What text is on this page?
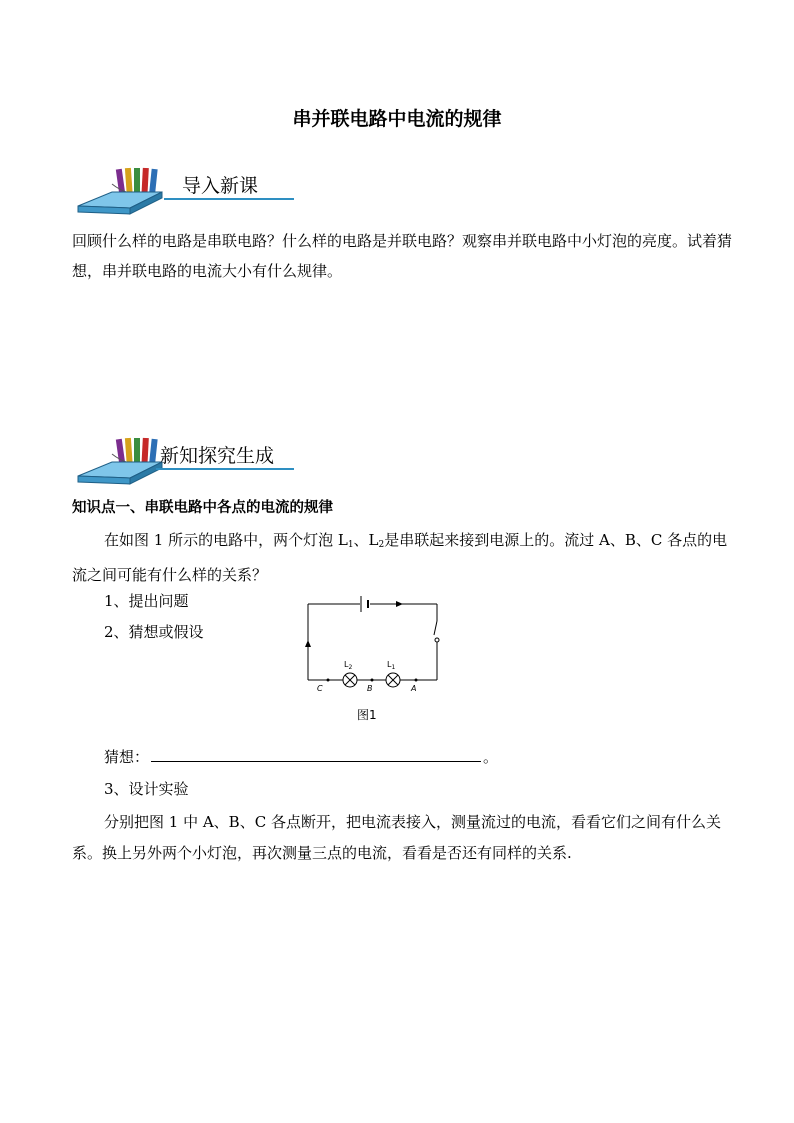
串并联电路中电流的规律
导入新课
回顾什么样的电路是串联电路？什么样的电路是并联电路？观察串并联电路中小灯泡的亮度。试着猜想，串并联电路的电流大小有什么规律。
新知探究生成
知识点一、串联电路中各点的电流的规律
在如图 1 所示的电路中，两个灯泡 $L_1$、$L_2$是串联起来接到电源上的。流过 A、B、C 各点的电流之间可能有什么样的关系？
1、提出问题
2、猜想或假设
$L_2$	$L_1$
C	B	A
图1
猜想：	。
3、设计实验
分别把图 1 中 A、B、C 各点断开，把电流表接入，测量流过的电流，看看它们之间有什么关系。换上另外两个小灯泡，再次测量三点的电流，看看是否还有同样的关系.
